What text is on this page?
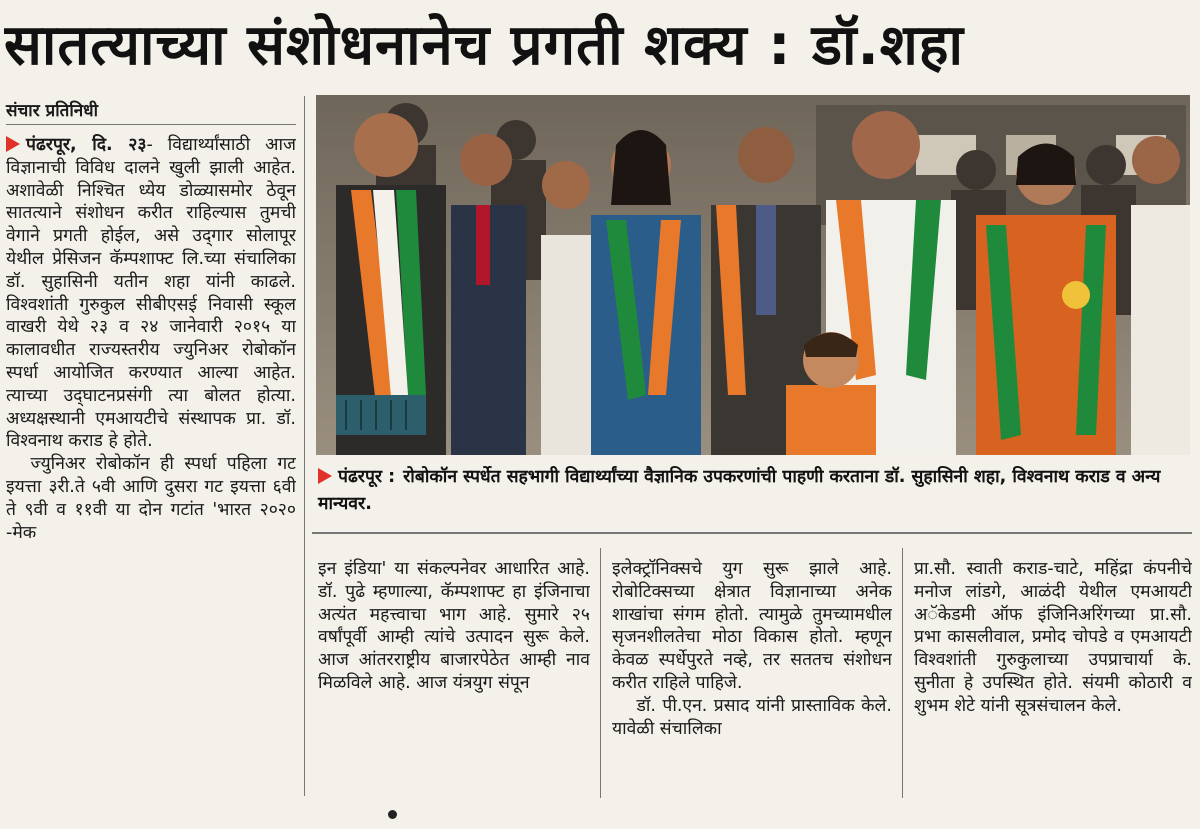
सातत्याच्या संशोधनानेच प्रगती शक्य : डॉ.शहा
संचार प्रतिनिधी

पंढरपूर, दि. २३- विद्यार्थ्यांसाठी आज विज्ञानाची विविध दालने खुली झाली आहेत. अशावेळी निश्चित ध्येय डोळ्यासमोर ठेवून सातत्याने संशोधन करीत राहिल्यास तुमची वेगाने प्रगती होईल, असे उद्‌गार सोलापूर येथील प्रेसिजन कॅम्पशाफ्ट लि.च्या संचालिका डॉ. सुहासिनी यतीन शहा यांनी काढले. विश्वशांती गुरुकुल सीबीएसई निवासी स्कूल वाखरी येथे २३ व २४ जानेवारी २०१५ या कालावधीत राज्यस्तरीय ज्युनिअर रोबोकॉन स्पर्धा आयोजित करण्यात आल्या आहेत. त्याच्या उद्‌घाटनप्रसंगी त्या बोलत होत्या. अध्यक्षस्थानी एमआयटीचे संस्थापक प्रा. डॉ. विश्वनाथ कराड हे होते.

ज्युनिअर रोबोकॉन ही स्पर्धा पहिला गट इयत्ता ३री.ते ५वी आणि दुसरा गट इयत्ता ६वी ते ९वी व ११वी या दोन गटांत 'भारत २०२० -मेक

पंढरपूर : रोबोकॉन स्पर्धेत सहभागी विद्यार्थ्यांच्या वैज्ञानिक उपकरणांची पाहणी करताना डॉ. सुहासिनी शहा, विश्वनाथ कराड व अन्य मान्यवर.

इन इंडिया' या संकल्पनेवर आधारित आहे. डॉ. पुढे म्हणाल्या, कॅम्पशाफ्ट हा इंजिनाचा अत्यंत महत्त्वाचा भाग आहे. सुमारे २५ वर्षांपूर्वी आम्ही त्यांचे उत्पादन सुरू केले. आज आंतरराष्ट्रीय बाजारपेठेत आम्ही नाव मिळविले आहे. आज यंत्रयुग संपून

इलेक्ट्रॉनिक्सचे युग सुरू झाले आहे. रोबोटिक्सच्या क्षेत्रात विज्ञानाच्या अनेक शाखांचा संगम होतो. त्यामुळे तुमच्यामधील सृजनशीलतेचा मोठा विकास होतो. म्हणून केवळ स्पर्धेपुरते नव्हे, तर सततच संशोधन करीत राहिले पाहिजे.

डॉ. पी.एन. प्रसाद यांनी प्रास्ताविक केले. यावेळी संचालिका

प्रा.सौ. स्वाती कराड-चाटे, महिंद्रा कंपनीचे मनोज लांडगे, आळंदी येथील एमआयटी अॅकेडमी ऑफ इंजिनिअरिंगच्या प्रा.सौ. प्रभा कासलीवाल, प्रमोद चोपडे व एमआयटी विश्वशांती गुरुकुलाच्या उपप्राचार्या के. सुनीता हे उपस्थित होते. संयमी कोठारी व शुभम शेटे यांनी सूत्रसंचालन केले.
